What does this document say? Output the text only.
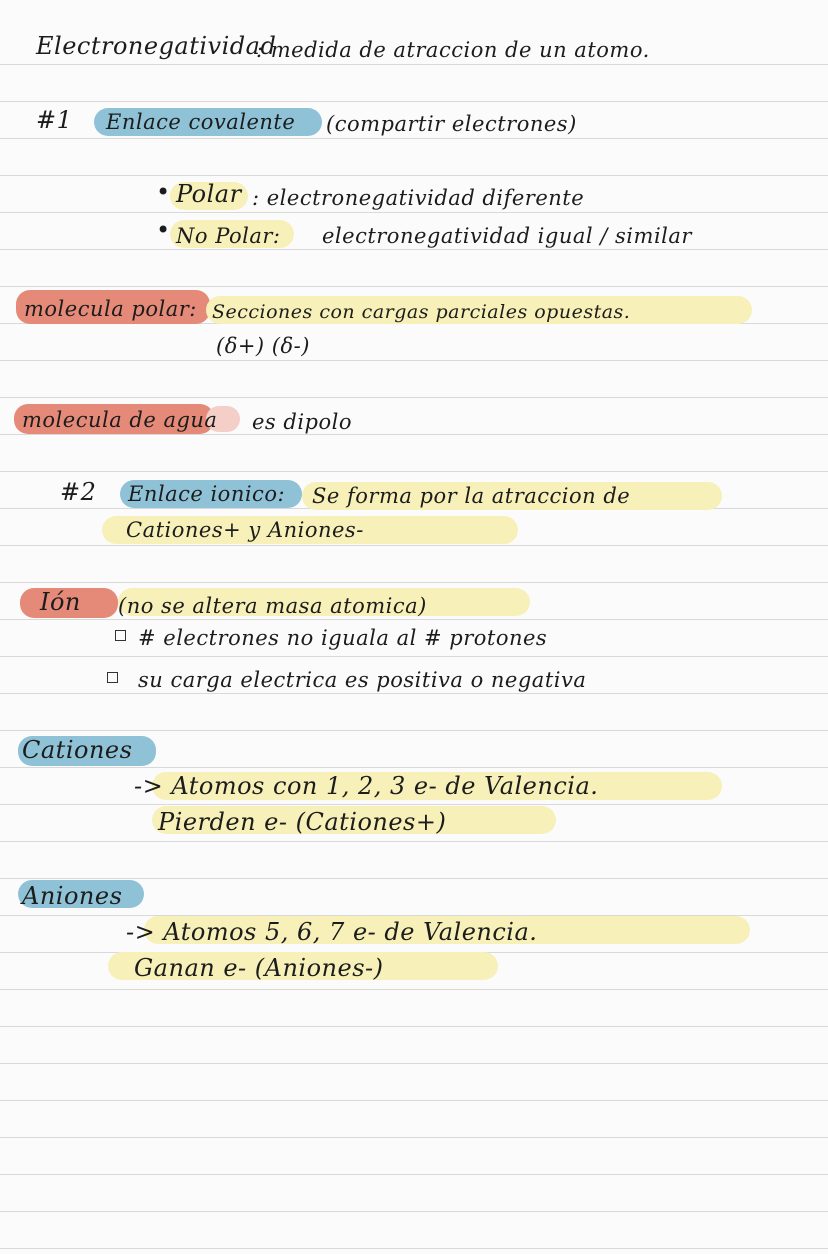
Electronegatividad
: medida de atraccion de un atomo.
#1 Enlace covalente (compartir electrones)
• Polar : electronegatividad diferente
• No Polar: electronegatividad igual / similar
molecula polar: Secciones con cargas parciales opuestas.
(δ+) (δ-)
molecula de agua es dipolo
#2 Enlace ionico: Se forma por la atraccion de
Cationes+ y Aniones-
Ión (no se altera masa atomica)
# electrones no iguala al # protones
su carga electrica es positiva o negativa
Cationes
-> Atomos con 1, 2, 3 e- de Valencia.
Pierden e- (Cationes+)
Aniones
-> Atomos 5, 6, 7 e- de Valencia.
Ganan e- (Aniones-)
